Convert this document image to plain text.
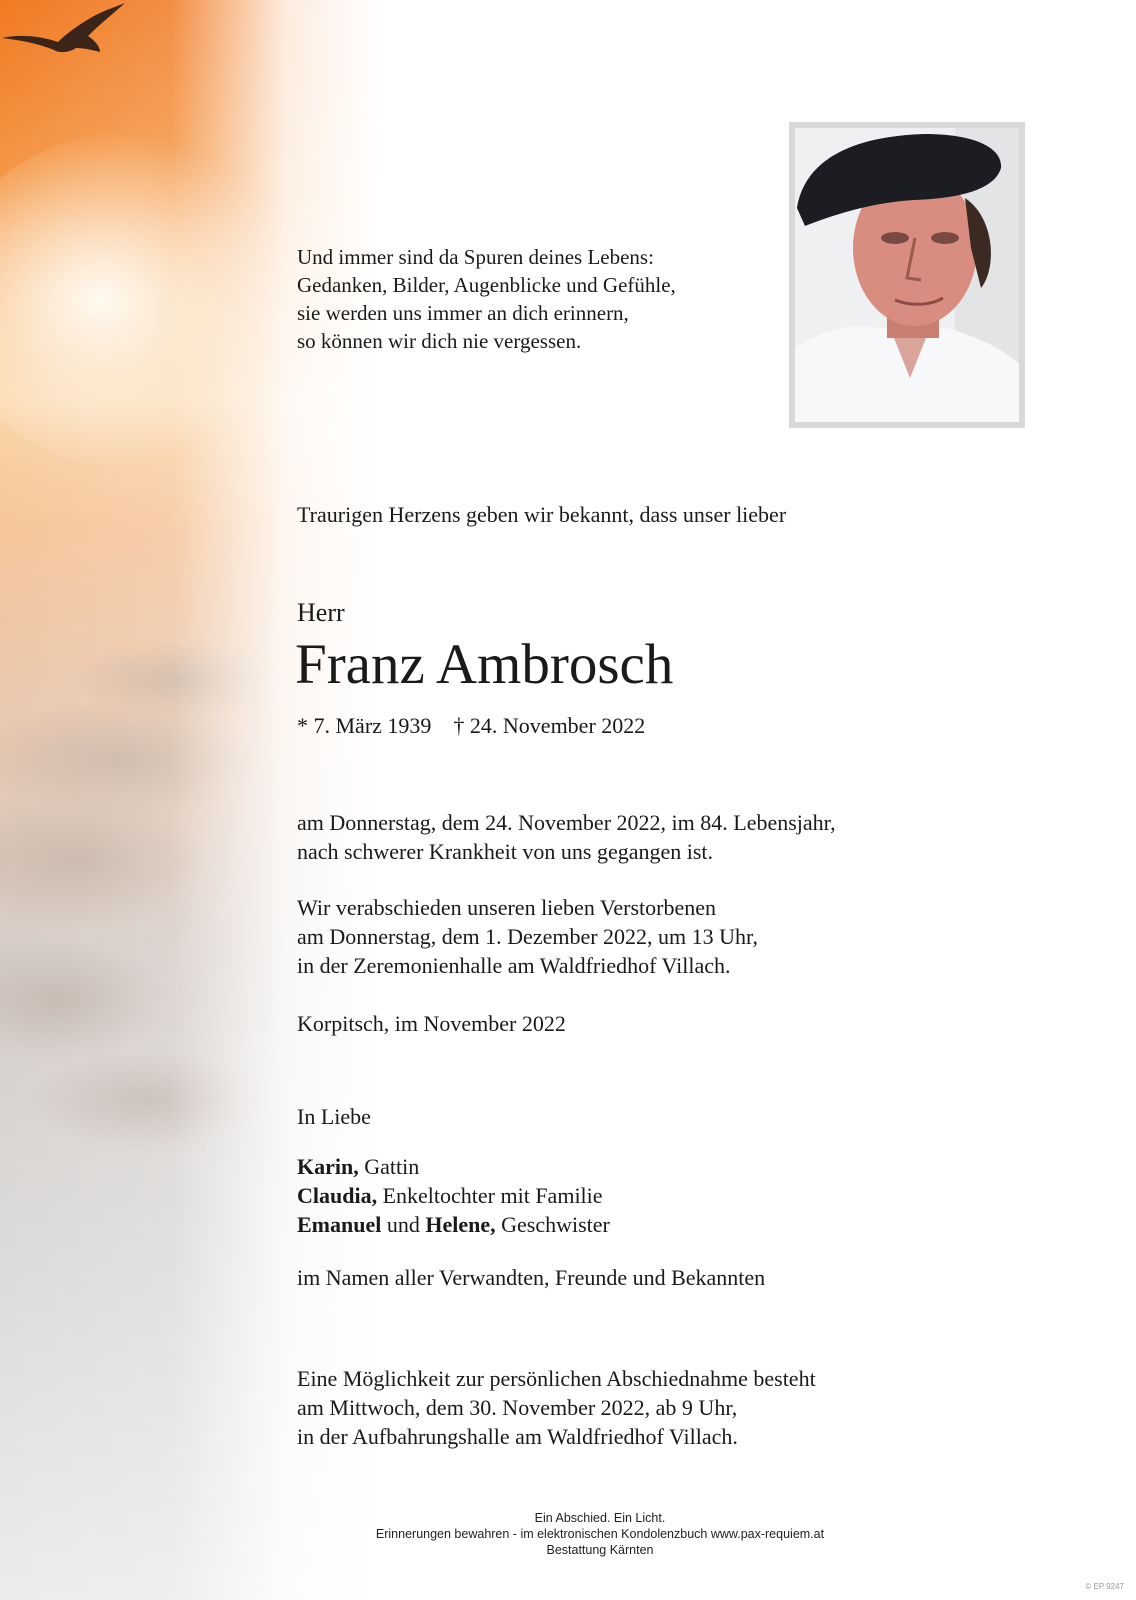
Und immer sind da Spuren deines Lebens:
Gedanken, Bilder, Augenblicke und Gefühle,
sie werden uns immer an dich erinnern,
so können wir dich nie vergessen.
Traurigen Herzens geben wir bekannt, dass unser lieber
Herr
Franz Ambrosch
* 7. März 1939 † 24. November 2022
am Donnerstag, dem 24. November 2022, im 84. Lebensjahr,
nach schwerer Krankheit von uns gegangen ist.
Wir verabschieden unseren lieben Verstorbenen
am Donnerstag, dem 1. Dezember 2022, um 13 Uhr,
in der Zeremonienhalle am Waldfriedhof Villach.
Korpitsch, im November 2022
In Liebe
Karin, Gattin
Claudia, Enkeltochter mit Familie
Emanuel und Helene, Geschwister
im Namen aller Verwandten, Freunde und Bekannten
Eine Möglichkeit zur persönlichen Abschiednahme besteht
am Mittwoch, dem 30. November 2022, ab 9 Uhr,
in der Aufbahrungshalle am Waldfriedhof Villach.
Ein Abschied. Ein Licht.
Erinnerungen bewahren - im elektronischen Kondolenzbuch www.pax-requiem.at
Bestattung Kärnten
© EP 9247
